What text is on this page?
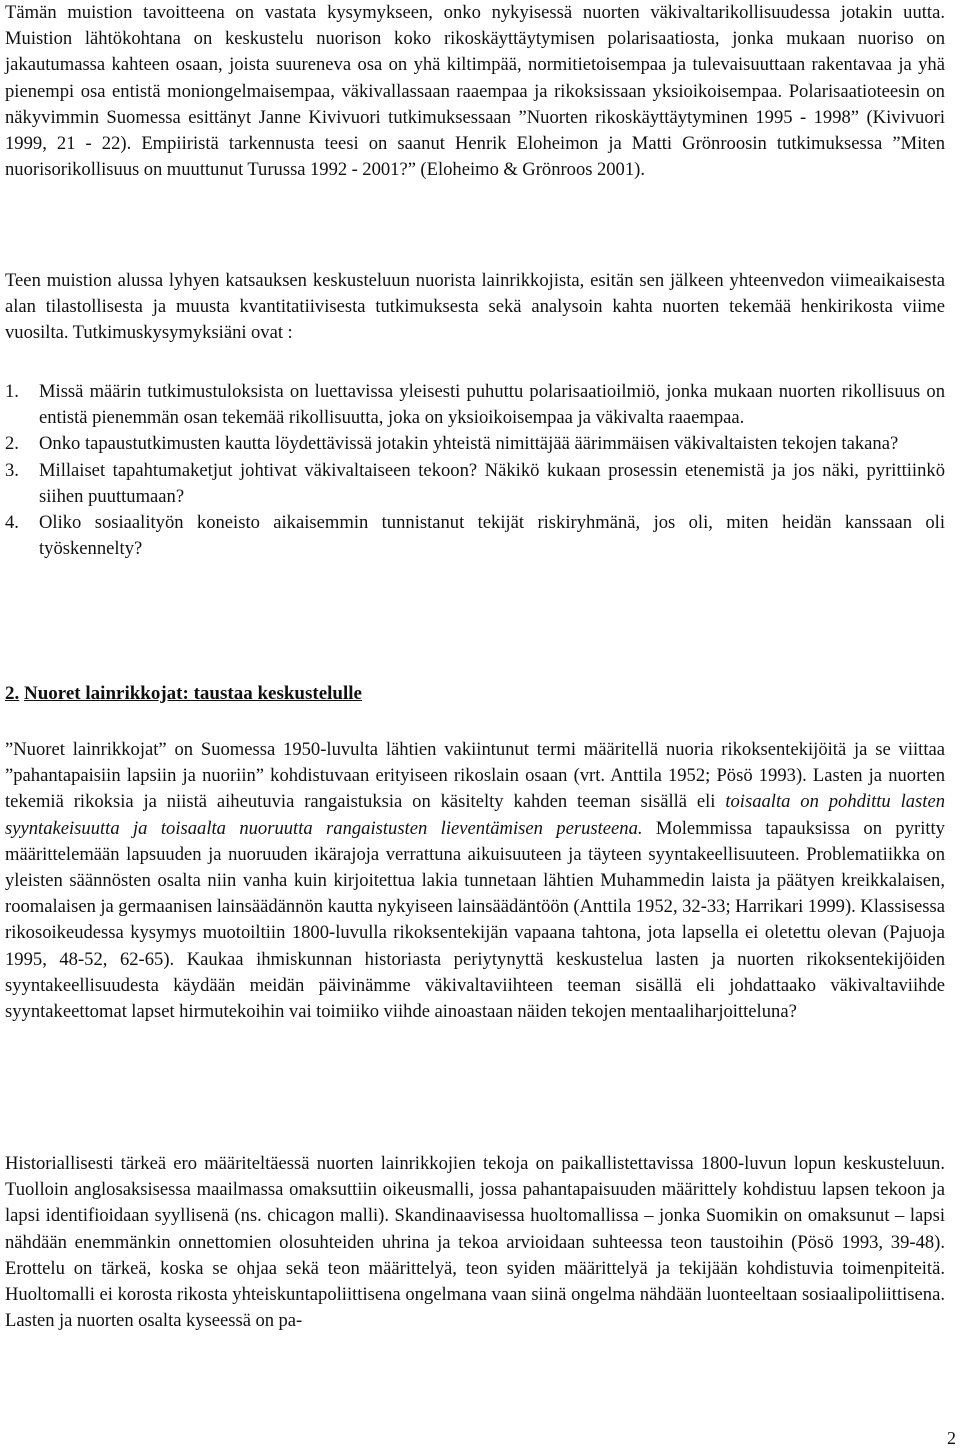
Tämän muistion tavoitteena on vastata kysymykseen, onko nykyisessä nuorten väkivaltarikollisuudessa jotakin uutta. Muistion lähtökohtana on keskustelu nuorison koko rikoskäyttäytymisen polarisaatiosta, jonka mukaan nuoriso on jakautumassa kahteen osaan, joista suureneva osa on yhä kiltimpää, normitietoisempaa ja tulevaisuuttaan rakentavaa ja yhä pienempi osa entistä moniongelmaisempaa, väkivallassaan raaempaa ja rikoksissaan yksioikoisempaa. Polarisaatioteesin on näkyvimmin Suomessa esittänyt Janne Kivivuori tutkimuksessaan ”Nuorten rikoskäyttäytyminen 1995 - 1998” (Kivivuori 1999, 21 - 22). Empiiristä tarkennusta teesi on saanut Henrik Eloheimon ja Matti Grönroosin tutkimuksessa ”Miten nuorisorikollisuus on muuttunut Turussa 1992 - 2001?” (Eloheimo & Grönroos 2001).

Teen muistion alussa lyhyen katsauksen keskusteluun nuorista lainrikkojista, esitän sen jälkeen yhteenvedon viimeaikaisesta alan tilastollisesta ja muusta kvantitatiivisesta tutkimuksesta sekä analysoin kahta nuorten tekemää henkirikosta viime vuosilta. Tutkimuskysymyksiäni ovat :

1.	Missä määrin tutkimustuloksista on luettavissa yleisesti puhuttu polarisaatioilmiö, jonka mukaan nuorten rikollisuus on entistä pienemmän osan tekemää rikollisuutta, joka on yksioikoisempaa ja väkivalta raaempaa.
2.	Onko tapaustutkimusten kautta löydettävissä jotakin yhteistä nimittäjää äärimmäisen väkivaltaisten tekojen takana?
3.	Millaiset tapahtumaketjut johtivat väkivaltaiseen tekoon? Näkikö kukaan prosessin etenemistä ja jos näki, pyrittiinkö siihen puuttumaan?
4.	Oliko sosiaalityön koneisto aikaisemmin tunnistanut tekijät riskiryhmänä, jos oli, miten heidän kanssaan oli työskennelty?
2. Nuoret lainrikkojat: taustaa keskustelulle

”Nuoret lainrikkojat” on Suomessa 1950-luvulta lähtien vakiintunut termi määritellä nuoria rikoksentekijöitä ja se viittaa ”pahantapaisiin lapsiin ja nuoriin” kohdistuvaan erityiseen rikoslain osaan (vrt. Anttila 1952; Pösö 1993). Lasten ja nuorten tekemiä rikoksia ja niistä aiheutuvia rangaistuksia on käsitelty kahden teeman sisällä eli toisaalta on pohdittu lasten syyntakeisuutta ja toisaalta nuoruutta rangaistusten lieventämisen perusteena. Molemmissa tapauksissa on pyritty määrittelemään lapsuuden ja nuoruuden ikärajoja verrattuna aikuisuuteen ja täyteen syyntakeellisuuteen. Problematiikka on yleisten säännösten osalta niin vanha kuin kirjoitettua lakia tunnetaan lähtien Muhammedin laista ja päätyen kreikkalaisen, roomalaisen ja germaanisen lainsäädännön kautta nykyiseen lainsäädäntöön (Anttila 1952, 32-33; Harrikari 1999). Klassisessa rikosoikeudessa kysymys muotoiltiin 1800-luvulla rikoksentekijän vapaana tahtona, jota lapsella ei oletettu olevan (Pajuoja 1995, 48-52, 62-65). Kaukaa ihmiskunnan historiasta periytynyttä keskustelua lasten ja nuorten rikoksentekijöiden syyntakeellisuudesta käydään meidän päivinämme väkivaltaviihteen teeman sisällä eli johdattaako väkivaltaviihde syyntakeettomat lapset hirmutekoihin vai toimiiko viihde ainoastaan näiden tekojen mentaaliharjoitteluna?

Historiallisesti tärkeä ero määriteltäessä nuorten lainrikkojien tekoja on paikallistettavissa 1800-luvun lopun keskusteluun. Tuolloin anglosaksisessa maailmassa omaksuttiin oikeusmalli, jossa pahantapaisuuden määrittely kohdistuu lapsen tekoon ja lapsi identifioidaan syyllisenä (ns. chicagon malli). Skandinaavisessa huoltomallissa – jonka Suomikin on omaksunut – lapsi nähdään enemmänkin onnettomien olosuhteiden uhrina ja tekoa arvioidaan suhteessa teon taustoihin (Pösö 1993, 39-48). Erottelu on tärkeä, koska se ohjaa sekä teon määrittelyä, teon syiden määrittelyä ja tekijään kohdistuvia toimenpiteitä. Huoltomalli ei korosta rikosta yhteiskuntapoliittisena ongelmana vaan siinä ongelma nähdään luonteeltaan sosiaalipoliittisena. Lasten ja nuorten osalta kyseessä on pa-

2
